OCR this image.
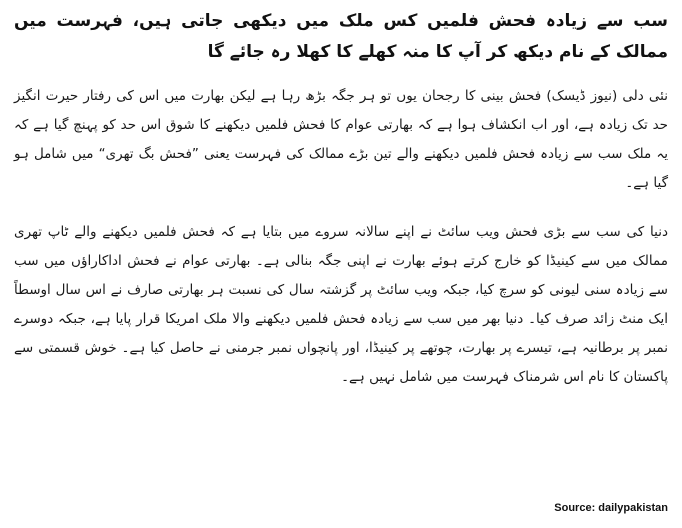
سب سے زیادہ فحش فلمیں کس ملک میں دیکھی جاتی ہیں، فہرست میں ممالک کے نام دیکھ کر آپ کا منہ کھلے کا کھلا رہ جائے گا

نئی دلی (نیوز ڈیسک) فحش بینی کا رجحان یوں تو ہر جگہ بڑھ رہا ہے لیکن بھارت میں اس کی رفتار حیرت انگیز حد تک زیادہ ہے، اور اب انکشاف ہوا ہے کہ بھارتی عوام کا فحش فلمیں دیکھنے کا شوق اس حد کو پہنچ گیا ہے کہ یہ ملک سب سے زیادہ فحش فلمیں دیکھنے والے تین بڑے ممالک کی فہرست یعنی ”فحش بگ تھری“ میں شامل ہو گیا ہے۔

دنیا کی سب سے بڑی فحش ویب سائٹ نے اپنے سالانہ سروے میں بتایا ہے کہ فحش فلمیں دیکھنے والے ٹاپ تھری ممالک میں سے کینیڈا کو خارج کرتے ہوئے بھارت نے اپنی جگہ بنالی ہے۔ بھارتی عوام نے فحش اداکاراﺅں میں سب سے زیادہ سنی لیونی کو سرچ کیا، جبکہ ویب سائٹ پر گزشتہ سال کی نسبت ہر بھارتی صارف نے اس سال اوسطاً ایک منٹ زائد صرف کیا۔ دنیا بھر میں سب سے زیادہ فحش فلمیں دیکھنے والا ملک امریکا قرار پایا ہے، جبکہ دوسرے نمبر پر برطانیہ ہے، تیسرے پر بھارت، چوتھے پر کینیڈا، اور پانچواں نمبر جرمنی نے حاصل کیا ہے۔ خوش قسمتی سے پاکستان کا نام اس شرمناک فہرست میں شامل نہیں ہے۔

Source: dailypakistan
